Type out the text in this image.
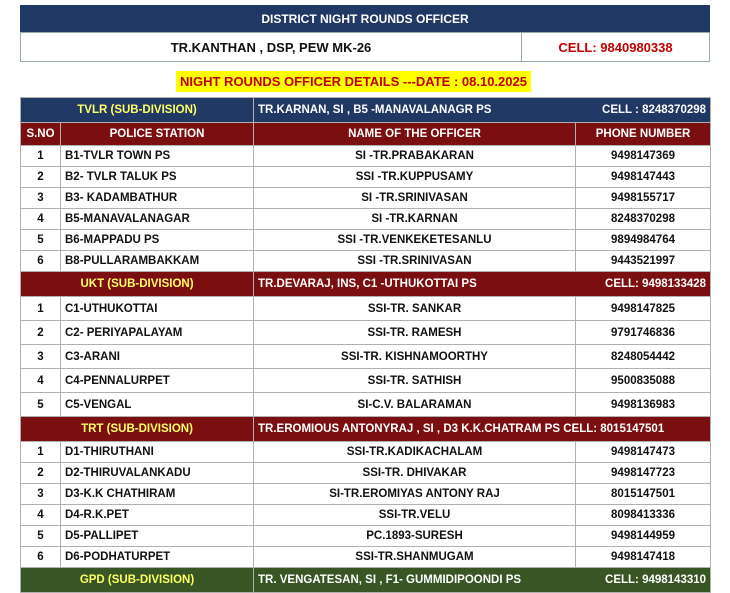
DISTRICT NIGHT ROUNDS OFFICER
TR.KANTHAN , DSP, PEW MK-26	CELL: 9840980338
NIGHT ROUNDS OFFICER DETAILS ---DATE : 08.10.2025
TVLR (SUB-DIVISION)		TR.KARNAN, SI , B5 -MANAVALANAGR PS CELL : 8248370298	

S.NO	POLICE STATION	NAME OF THE OFFICER	PHONE NUMBER
1	B1-TVLR TOWN PS	SI -TR.PRABAKARAN	9498147369
2	B2- TVLR TALUK PS	SSI -TR.KUPPUSAMY	9498147443
3	B3- KADAMBATHUR	SI -TR.SRINIVASAN	9498155717
4	B5-MANAVALANAGAR	SI -TR.KARNAN	8248370298
5	B6-MAPPADU PS	SSI -TR.VENKEKETESANLU	9894984764
6	B8-PULLARAMBAKKAM	SSI -TR.SRINIVASAN	9443521997
UKT (SUB-DIVISION)		TR.DEVARAJ, INS, C1 -UTHUKOTTAI PS CELL: 9498133428	

1	C1-UTHUKOTTAI	SSI-TR. SANKAR	9498147825
2	C2- PERIYAPALAYAM	SSI-TR. RAMESH	9791746836
3	C3-ARANI	SSI-TR. KISHNAMOORTHY	8248054442
4	C4-PENNALURPET	SSI-TR. SATHISH	9500835088
5	C5-VENGAL	SI-C.V. BALARAMAN	9498136983
TRT (SUB-DIVISION)		TR.EROMIOUS ANTONYRAJ , SI , D3 K.K.CHATRAM PS CELL: 8015147501	

1	D1-THIRUTHANI	SSI-TR.KADIKACHALAM	9498147473
2	D2-THIRUVALANKADU	SSI-TR. DHIVAKAR	9498147723
3	D3-K.K CHATHIRAM	SI-TR.EROMIYAS ANTONY RAJ	8015147501
4	D4-R.K.PET	SSI-TR.VELU	8098413336
5	D5-PALLIPET	PC.1893-SURESH	9498144959
6	D6-PODHATURPET	SSI-TR.SHANMUGAM	9498147418
GPD (SUB-DIVISION)		TR. VENGATESAN, SI , F1- GUMMIDIPOONDI PS CELL: 9498143310	
